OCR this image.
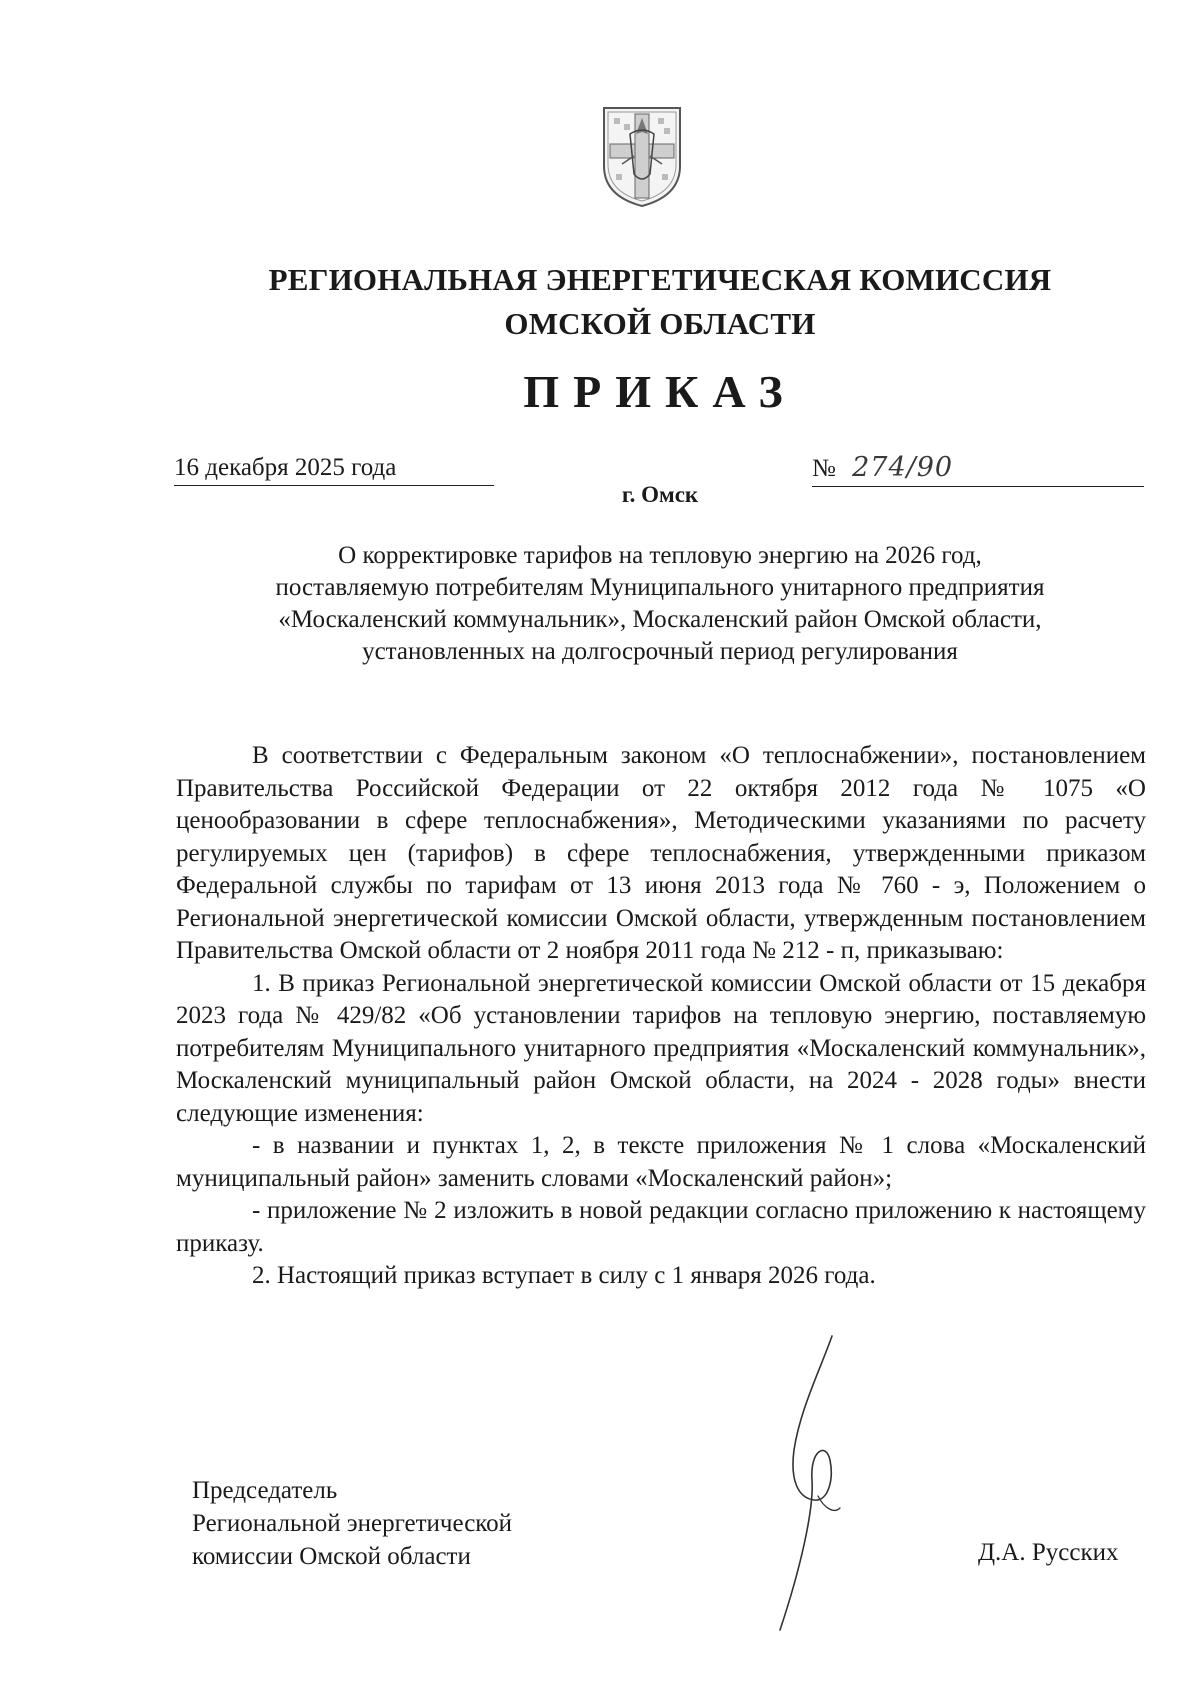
РЕГИОНАЛЬНАЯ ЭНЕРГЕТИЧЕСКАЯ КОМИССИЯ
ОМСКОЙ ОБЛАСТИ
ПРИКАЗ
16 декабря 2025 года	№ 274/90
г. Омск
О корректировке тарифов на тепловую энергию на 2026 год,
поставляемую потребителям Муниципального унитарного предприятия
«Москаленский коммунальник», Москаленский район Омской области,
установленных на долгосрочный период регулирования

В соответствии с Федеральным законом «О теплоснабжении», постановлением Правительства Российской Федерации от 22 октября 2012 года № 1075 «О ценообразовании в сфере теплоснабжения», Методическими указаниями по расчету регулируемых цен (тарифов) в сфере теплоснабжения, утвержденными приказом Федеральной службы по тарифам от 13 июня 2013 года № 760 - э, Положением о Региональной энергетической комиссии Омской области, утвержденным постановлением Правительства Омской области от 2 ноября 2011 года № 212 - п, приказываю:

1. В приказ Региональной энергетической комиссии Омской области от 15 декабря 2023 года № 429/82 «Об установлении тарифов на тепловую энергию, поставляемую потребителям Муниципального унитарного предприятия «Москаленский коммунальник», Москаленский муниципальный район Омской области, на 2024 - 2028 годы» внести следующие изменения:

- в названии и пунктах 1, 2, в тексте приложения № 1 слова «Москаленский муниципальный район» заменить словами «Москаленский район»;

- приложение № 2 изложить в новой редакции согласно приложению к настоящему приказу.

2. Настоящий приказ вступает в силу с 1 января 2026 года.

Председатель
Региональной энергетической
комиссии Омской области	Д.А. Русских
